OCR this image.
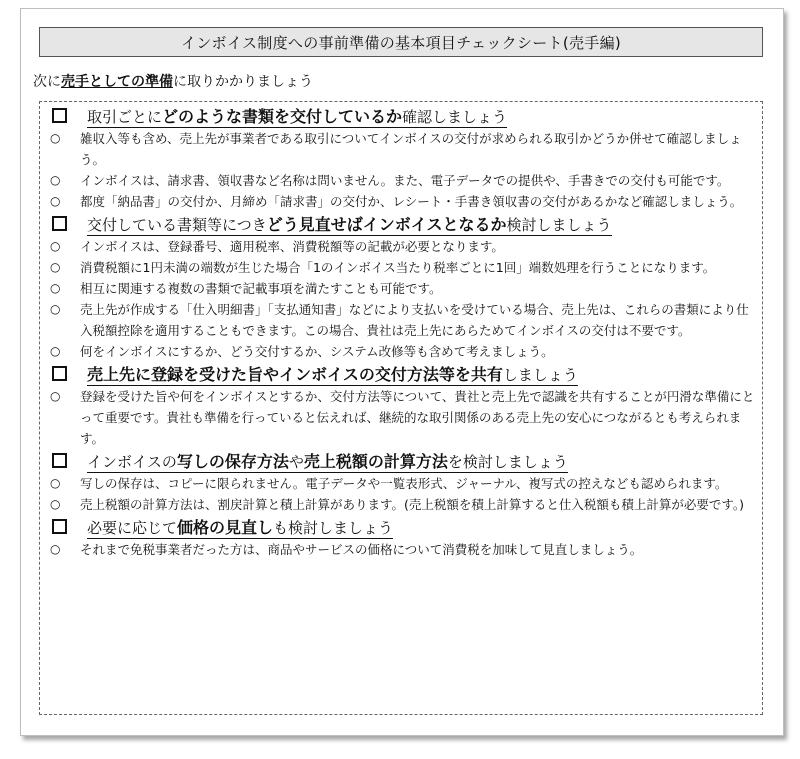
インボイス制度への事前準備の基本項目チェックシート(売手編)
次に売手としての準備に取りかかりましょう
取引ごとにどのような書類を交付しているか確認しましょう
○	雑収入等も含め、売上先が事業者である取引についてインボイスの交付が求められる取引かどうか併せて確認しましょう。
○	インボイスは、請求書、領収書など名称は問いません。また、電子データでの提供や、手書きでの交付も可能です。
○	都度「納品書」の交付か、月締め「請求書」の交付か、レシート・手書き領収書の交付があるかなど確認しましょう。
交付している書類等につきどう見直せばインボイスとなるか検討しましょう
○	インボイスは、登録番号、適用税率、消費税額等の記載が必要となります。
○	消費税額に1円未満の端数が生じた場合「1のインボイス当たり税率ごとに1回」端数処理を行うことになります。
○	相互に関連する複数の書類で記載事項を満たすことも可能です。
○	売上先が作成する「仕入明細書」「支払通知書」などにより支払いを受けている場合、売上先は、これらの書類により仕入税額控除を適用することもできます。この場合、貴社は売上先にあらためてインボイスの交付は不要です。
○	何をインボイスにするか、どう交付するか、システム改修等も含めて考えましょう。
売上先に登録を受けた旨やインボイスの交付方法等を共有しましょう
○	登録を受けた旨や何をインボイスとするか、交付方法等について、貴社と売上先で認識を共有することが円滑な準備にとって重要です。貴社も準備を行っていると伝えれば、継続的な取引関係のある売上先の安心につながるとも考えられます。
インボイスの写しの保存方法や売上税額の計算方法を検討しましょう
○	写しの保存は、コピーに限られません。電子データや一覧表形式、ジャーナル、複写式の控えなども認められます。
○	売上税額の計算方法は、割戻計算と積上計算があります。(売上税額を積上計算すると仕入税額も積上計算が必要です。)
必要に応じて価格の見直しも検討しましょう
○	それまで免税事業者だった方は、商品やサービスの価格について消費税を加味して見直しましょう。
